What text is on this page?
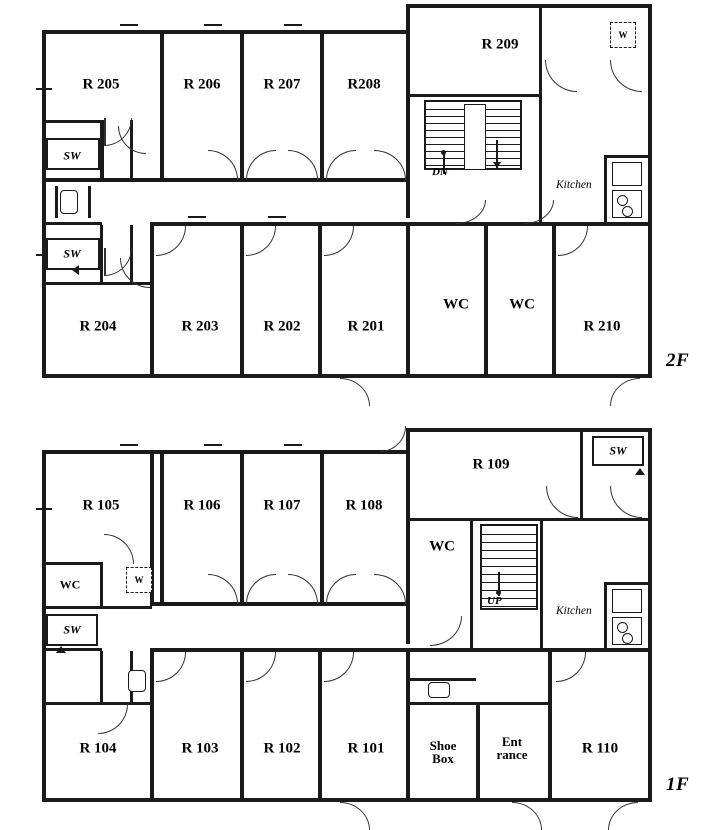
R 205	R 206	R 207	R208
R 209
R 204	R 203	R 202	R 201	R 210
WC	WC
Kitchen
SW
SW
W
DN
2F
R 105	R 106	R 107	R 108
R 109
R 104	R 103	R 102	R 101	R 110
WC
WC
Kitchen
Shoe
Box
Ent
rance
SW
SW
W
UP
1F
